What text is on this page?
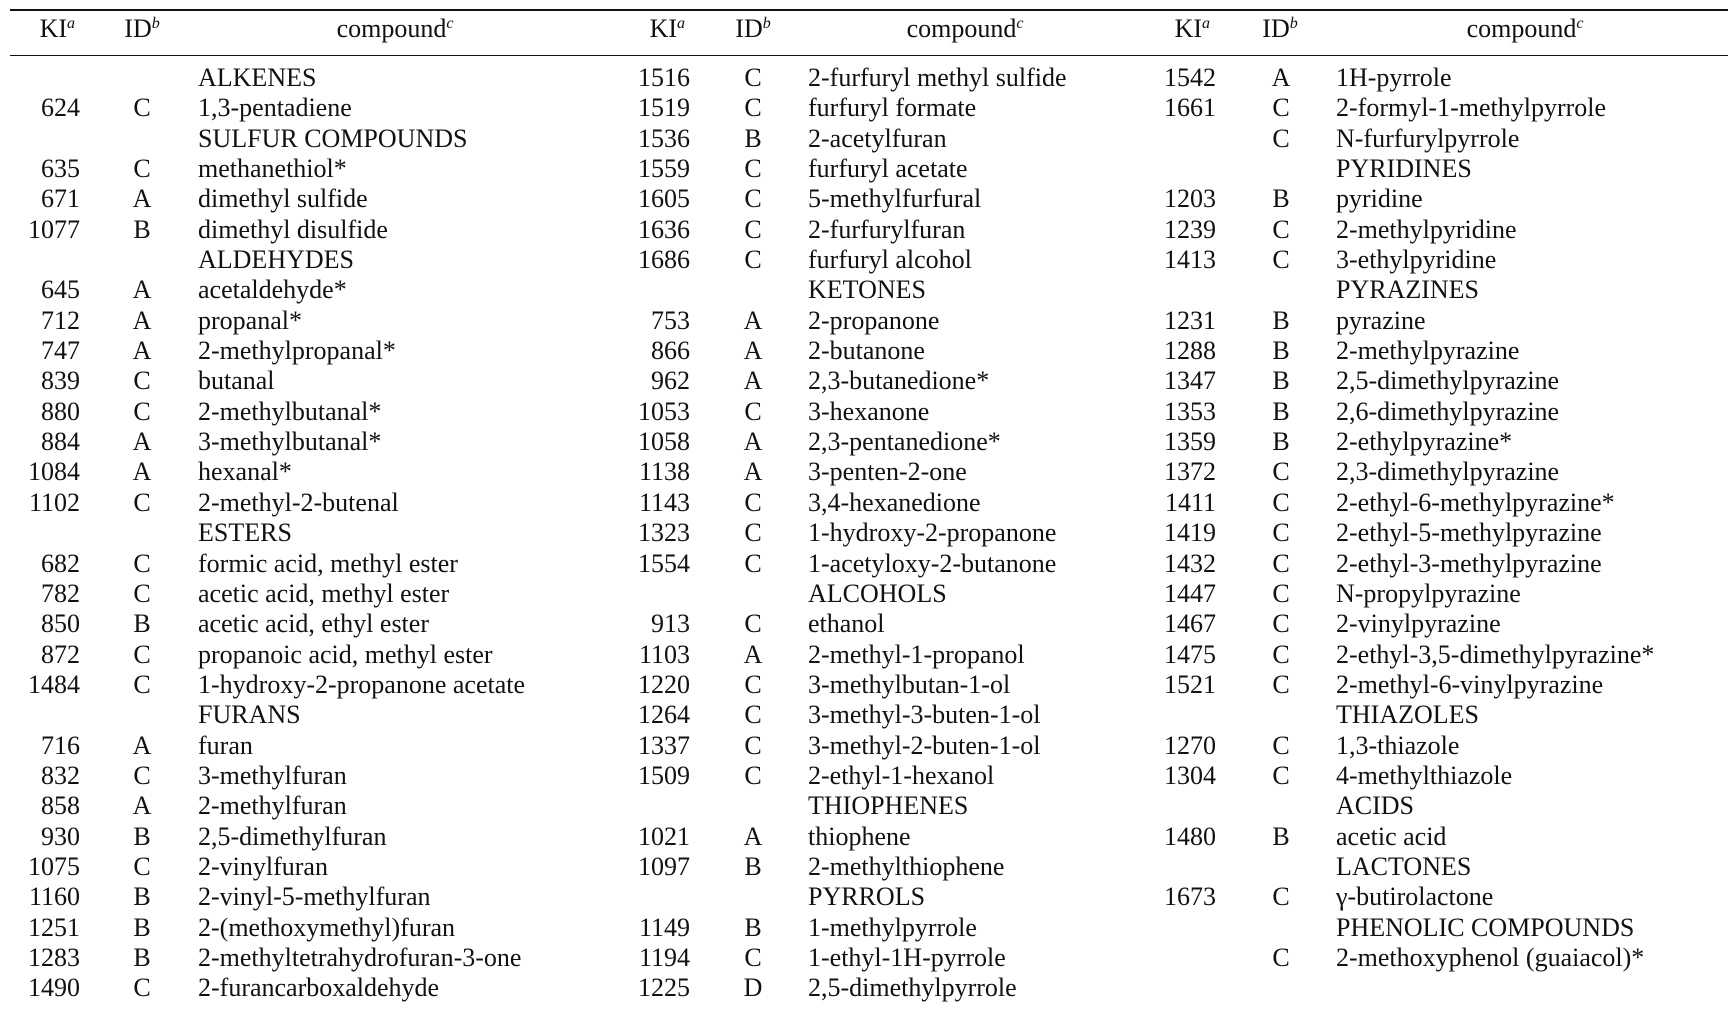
$KI^a$	$ID^b$	compound$^c$	$KI^a$	$ID^b$	compound$^c$	$KI^a$	$ID^b$	compound$^c$
ALKENES
624	C	1,3-pentadiene
SULFUR COMPOUNDS
635	C	methanethiol*
671	A	dimethyl sulfide
1077	B	dimethyl disulfide
ALDEHYDES
645	A	acetaldehyde*
712	A	propanal*
747	A	2-methylpropanal*
839	C	butanal
880	C	2-methylbutanal*
884	A	3-methylbutanal*
1084	A	hexanal*
1102	C	2-methyl-2-butenal
ESTERS
682	C	formic acid, methyl ester
782	C	acetic acid, methyl ester
850	B	acetic acid, ethyl ester
872	C	propanoic acid, methyl ester
1484	C	1-hydroxy-2-propanone acetate
FURANS
716	A	furan
832	C	3-methylfuran
858	A	2-methylfuran
930	B	2,5-dimethylfuran
1075	C	2-vinylfuran
1160	B	2-vinyl-5-methylfuran
1251	B	2-(methoxymethyl)furan
1283	B	2-methyltetrahydrofuran-3-one
1490	C	2-furancarboxaldehyde
1516	C	2-furfuryl methyl sulfide
1519	C	furfuryl formate
1536	B	2-acetylfuran
1559	C	furfuryl acetate
1605	C	5-methylfurfural
1636	C	2-furfurylfuran
1686	C	furfuryl alcohol
KETONES
753	A	2-propanone
866	A	2-butanone
962	A	2,3-butanedione*
1053	C	3-hexanone
1058	A	2,3-pentanedione*
1138	A	3-penten-2-one
1143	C	3,4-hexanedione
1323	C	1-hydroxy-2-propanone
1554	C	1-acetyloxy-2-butanone
ALCOHOLS
913	C	ethanol
1103	A	2-methyl-1-propanol
1220	C	3-methylbutan-1-ol
1264	C	3-methyl-3-buten-1-ol
1337	C	3-methyl-2-buten-1-ol
1509	C	2-ethyl-1-hexanol
THIOPHENES
1021	A	thiophene
1097	B	2-methylthiophene
PYRROLS
1149	B	1-methylpyrrole
1194	C	1-ethyl-1H-pyrrole
1225	D	2,5-dimethylpyrrole
1542	A	1H-pyrrole
1661	C	2-formyl-1-methylpyrrole
C	N-furfurylpyrrole
PYRIDINES
1203	B	pyridine
1239	C	2-methylpyridine
1413	C	3-ethylpyridine
PYRAZINES
1231	B	pyrazine
1288	B	2-methylpyrazine
1347	B	2,5-dimethylpyrazine
1353	B	2,6-dimethylpyrazine
1359	B	2-ethylpyrazine*
1372	C	2,3-dimethylpyrazine
1411	C	2-ethyl-6-methylpyrazine*
1419	C	2-ethyl-5-methylpyrazine
1432	C	2-ethyl-3-methylpyrazine
1447	C	N-propylpyrazine
1467	C	2-vinylpyrazine
1475	C	2-ethyl-3,5-dimethylpyrazine*
1521	C	2-methyl-6-vinylpyrazine
THIAZOLES
1270	C	1,3-thiazole
1304	C	4-methylthiazole
ACIDS
1480	B	acetic acid
LACTONES
1673	C	γ-butirolactone
PHENOLIC COMPOUNDS
C	2-methoxyphenol (guaiacol)*
